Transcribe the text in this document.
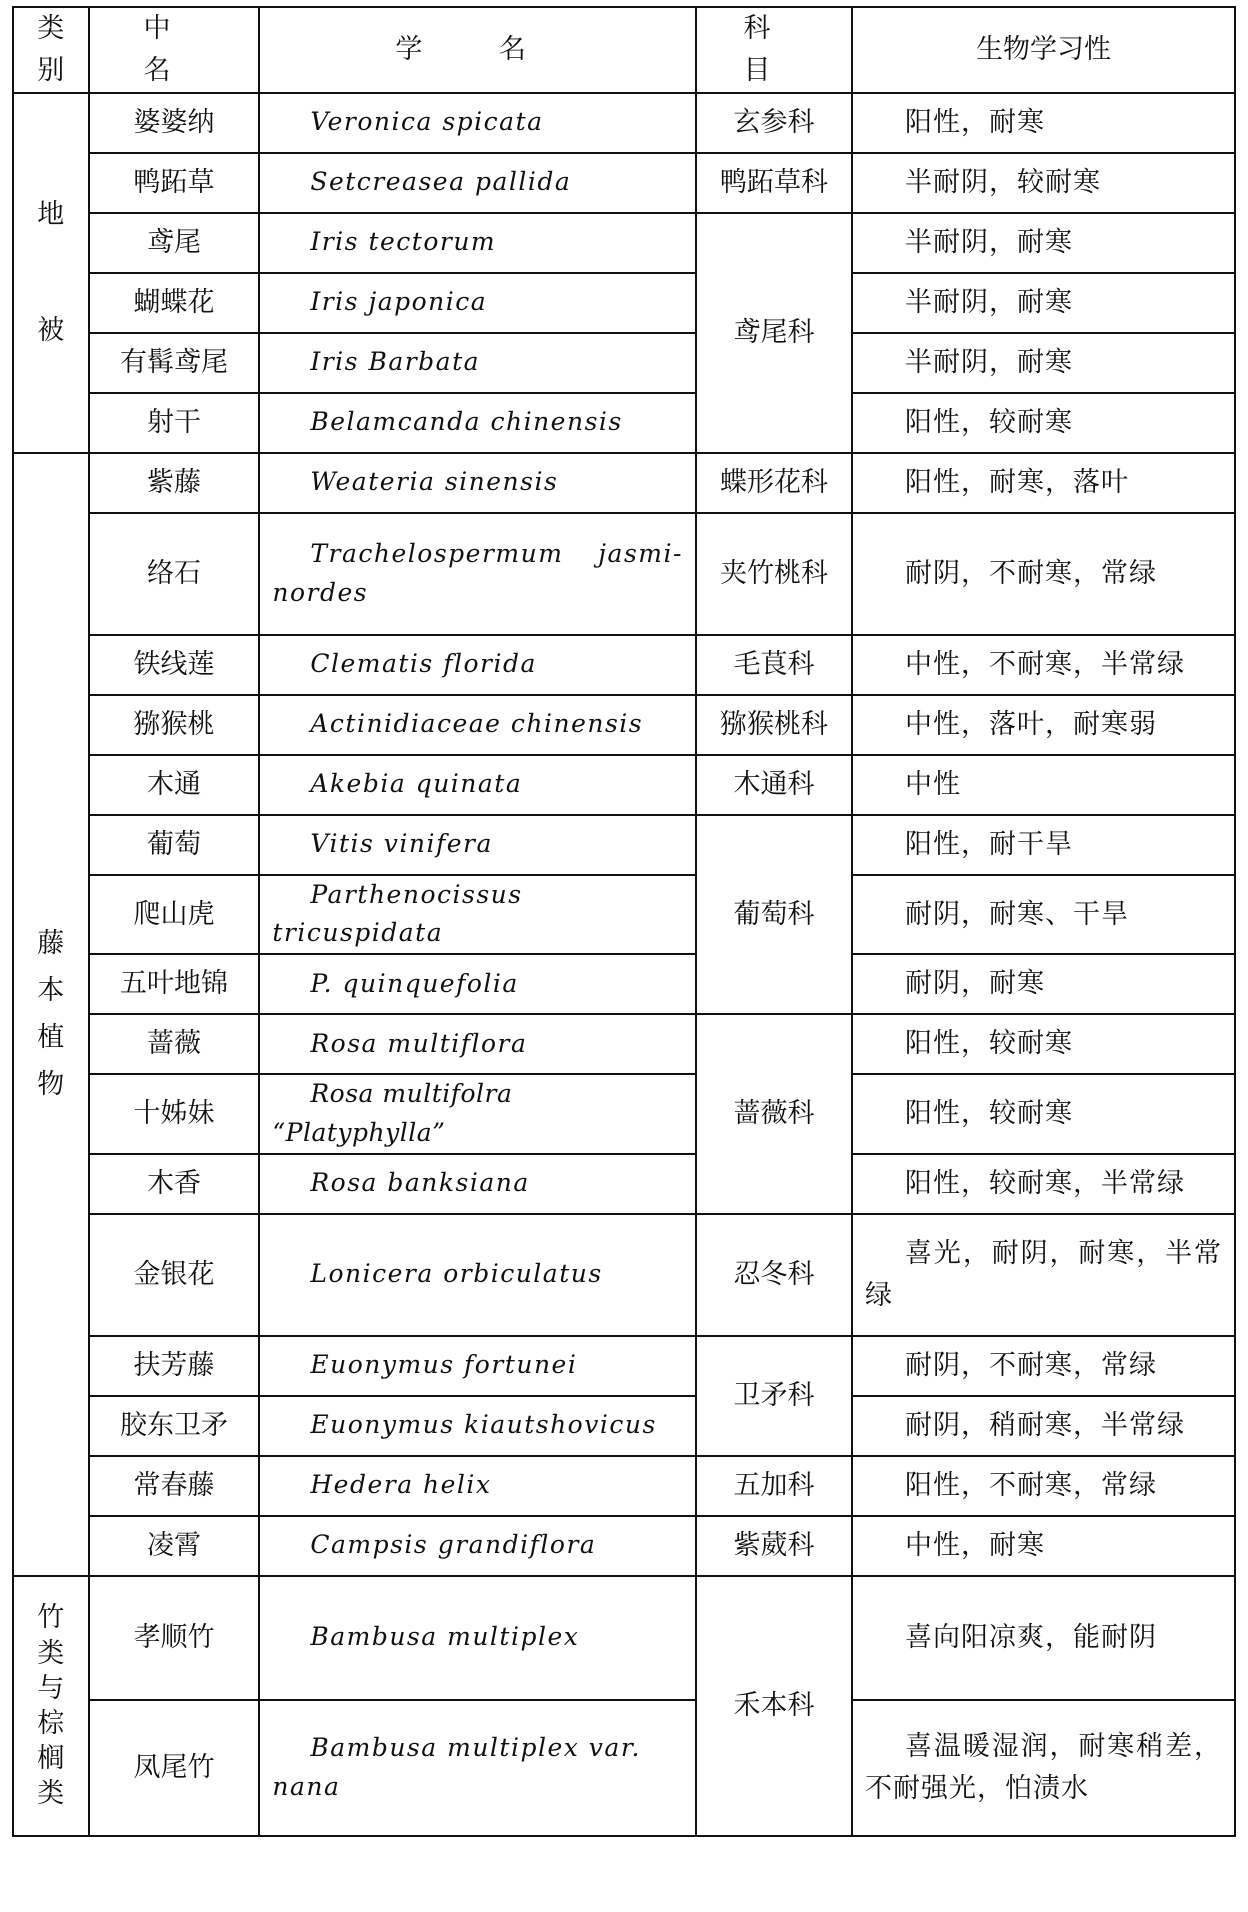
类别	中 名	学 名	科 目	生物学习性
地被	婆婆纳	Veronica spicata	玄参科	阳性，耐寒
	鸭跖草	Setcreasea pallida	鸭跖草科	半耐阴，较耐寒
	鸢尾	Iris tectorum	鸢尾科	半耐阴，耐寒
	蝴蝶花	Iris japonica		半耐阴，耐寒
	有髯鸢尾	Iris Barbata		半耐阴，耐寒
	射干	Belamcanda chinensis		阳性，较耐寒
藤本植物	紫藤	Weateria sinensis	蝶形花科	阳性，耐寒，落叶
	络石	Trachelospermum jasmi-nordes	夹竹桃科	耐阴，不耐寒，常绿
	铁线莲	Clematis florida	毛茛科	中性，不耐寒，半常绿
	猕猴桃	Actinidiaceae chinensis	猕猴桃科	中性，落叶，耐寒弱
	木通	Akebia quinata	木通科	中性
	葡萄	Vitis vinifera	葡萄科	阳性，耐干旱
	爬山虎	Parthenocissus tricuspidata		耐阴，耐寒、干旱
	五叶地锦	P. quinquefolia		耐阴，耐寒
	蔷薇	Rosa multiflora	蔷薇科	阳性，较耐寒
	十姊妹	Rosa multifolra “Platyphylla”		阳性，较耐寒
	木香	Rosa banksiana		阳性，较耐寒，半常绿
	金银花	Lonicera orbiculatus	忍冬科	喜光，耐阴，耐寒，半常绿
	扶芳藤	Euonymus fortunei	卫矛科	耐阴，不耐寒，常绿
	胶东卫矛	Euonymus kiautshovicus		耐阴，稍耐寒，半常绿
	常春藤	Hedera helix	五加科	阳性，不耐寒，常绿
	凌霄	Campsis grandiflora	紫葳科	中性，耐寒
竹类与棕榈类	孝顺竹	Bambusa multiplex	禾本科	喜向阳凉爽，能耐阴
	凤尾竹	Bambusa multiplex var. nana		喜温暖湿润，耐寒稍差，不耐强光，怕渍水
